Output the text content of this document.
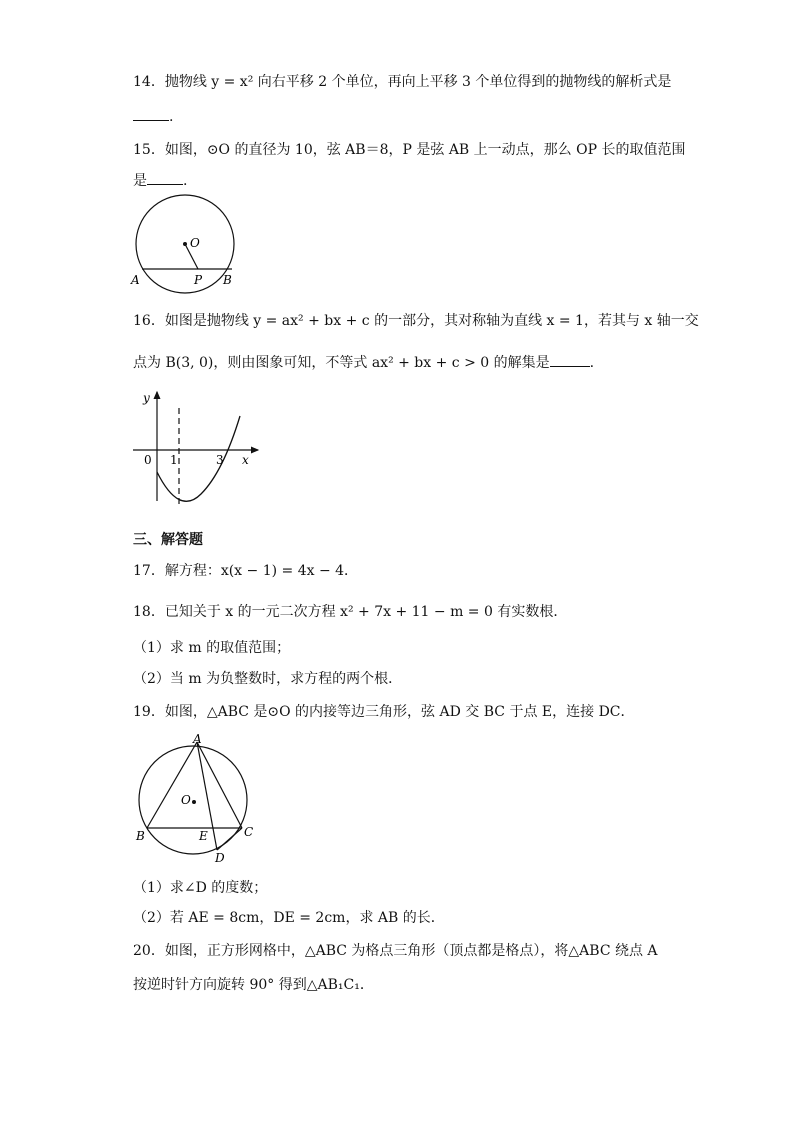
14．抛物线 y = x² 向右平移 2 个单位，再向上平移 3 个单位得到的抛物线的解析式是
.
15．如图，⊙O 的直径为 10，弦 AB＝8，P 是弦 AB 上一动点，那么 OP 长的取值范围
是	.
O
A	P B
16．如图是抛物线 y = ax² + bx + c 的一部分，其对称轴为直线 x = 1，若其与 x 轴一交
点为 B(3, 0)，则由图象可知，不等式 ax² + bx + c > 0 的解集是	.
y
x
0 1	3
三、解答题
17．解方程：x(x − 1) = 4x − 4．
18．已知关于 x 的一元二次方程 x² + 7x + 11 − m = 0 有实数根．
（1）求 m 的取值范围；
（2）当 m 为负整数时，求方程的两个根．
19．如图，△ABC 是⊙O 的内接等边三角形，弦 AD 交 BC 于点 E，连接 DC．
A
O
B	E	C
D
（1）求∠D 的度数；
（2）若 AE = 8cm，DE = 2cm，求 AB 的长．
20．如图，正方形网格中，△ABC 为格点三角形（顶点都是格点），将△ABC 绕点 A
按逆时针方向旋转 90° 得到△AB₁C₁．
